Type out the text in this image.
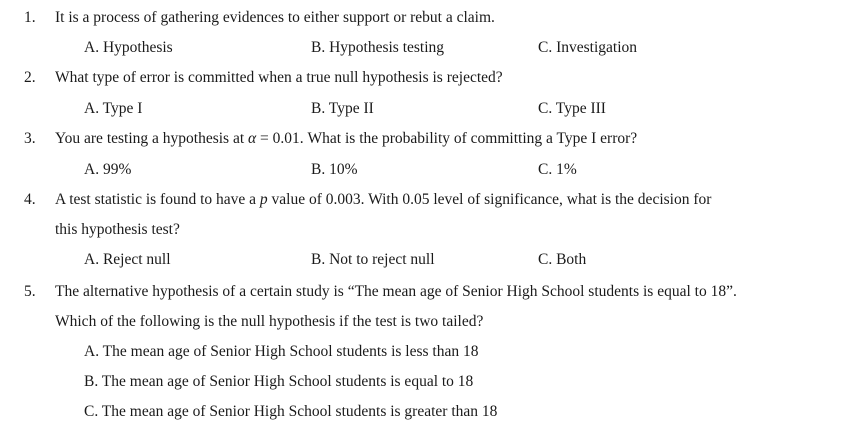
1.	It is a process of gathering evidences to either support or rebut a claim.
A. Hypothesis	B. Hypothesis testing	C. Investigation
2.	What type of error is committed when a true null hypothesis is rejected?
A. Type I	B. Type II	C. Type III
3.	You are testing a hypothesis at α = 0.01. What is the probability of committing a Type I error?
A. 99%	B. 10%	C. 1%
4.	A test statistic is found to have a p value of 0.003. With 0.05 level of significance, what is the decision for
this hypothesis test?
A. Reject null	B. Not to reject null	C. Both
5.	The alternative hypothesis of a certain study is “The mean age of Senior High School students is equal to 18”.
Which of the following is the null hypothesis if the test is two tailed?
A. The mean age of Senior High School students is less than 18
B. The mean age of Senior High School students is equal to 18
C. The mean age of Senior High School students is greater than 18
